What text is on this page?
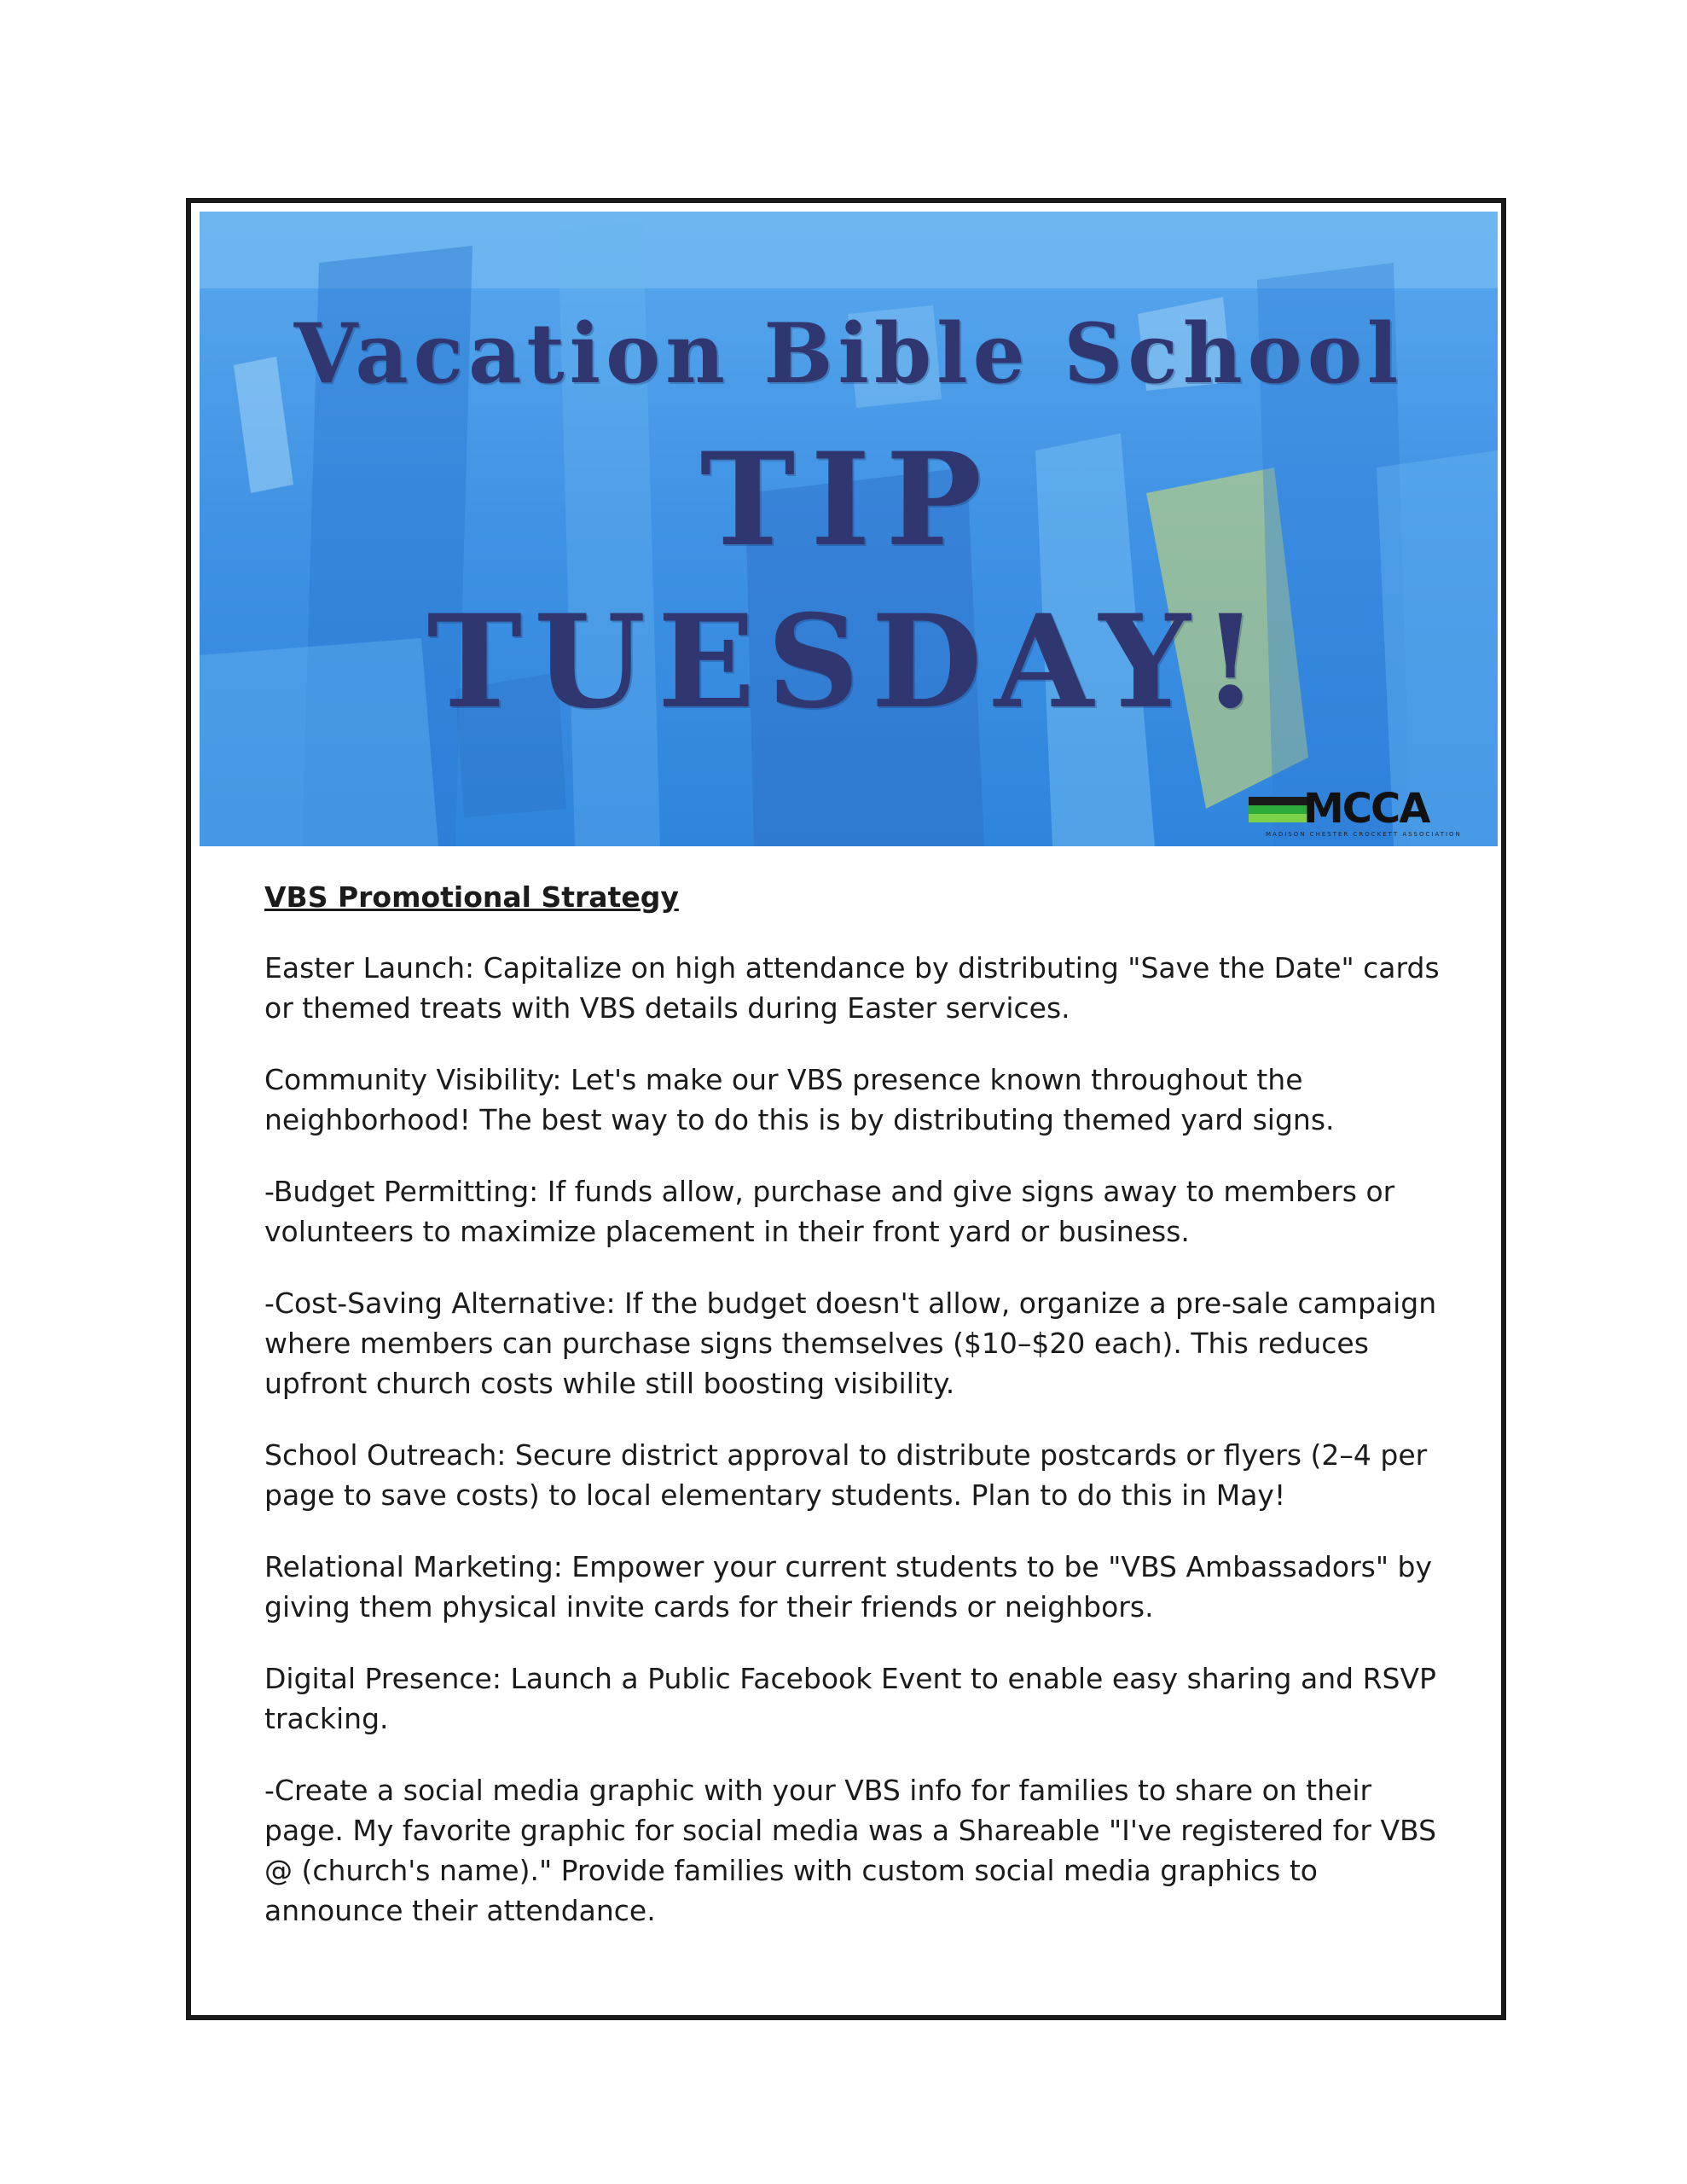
Vacation Bible School
TIP
TUESDAY!
MCCA
MADISON CHESTER CROCKETT ASSOCIATION
VBS Promotional Strategy

Easter Launch: Capitalize on high attendance by distributing "Save the Date" cards or themed treats with VBS details during Easter services.

Community Visibility: Let's make our VBS presence known throughout the neighborhood! The best way to do this is by distributing themed yard signs.

-Budget Permitting: If funds allow, purchase and give signs away to members or volunteers to maximize placement in their front yard or business.

-Cost-Saving Alternative: If the budget doesn't allow, organize a pre-sale campaign where members can purchase signs themselves ($10–$20 each). This reduces upfront church costs while still boosting visibility.

School Outreach: Secure district approval to distribute postcards or flyers (2–4 per page to save costs) to local elementary students. Plan to do this in May!

Relational Marketing: Empower your current students to be "VBS Ambassadors" by giving them physical invite cards for their friends or neighbors.

Digital Presence: Launch a Public Facebook Event to enable easy sharing and RSVP tracking.

-Create a social media graphic with your VBS info for families to share on their page. My favorite graphic for social media was a Shareable "I've registered for VBS @ (church's name)." Provide families with custom social media graphics to announce their attendance.
